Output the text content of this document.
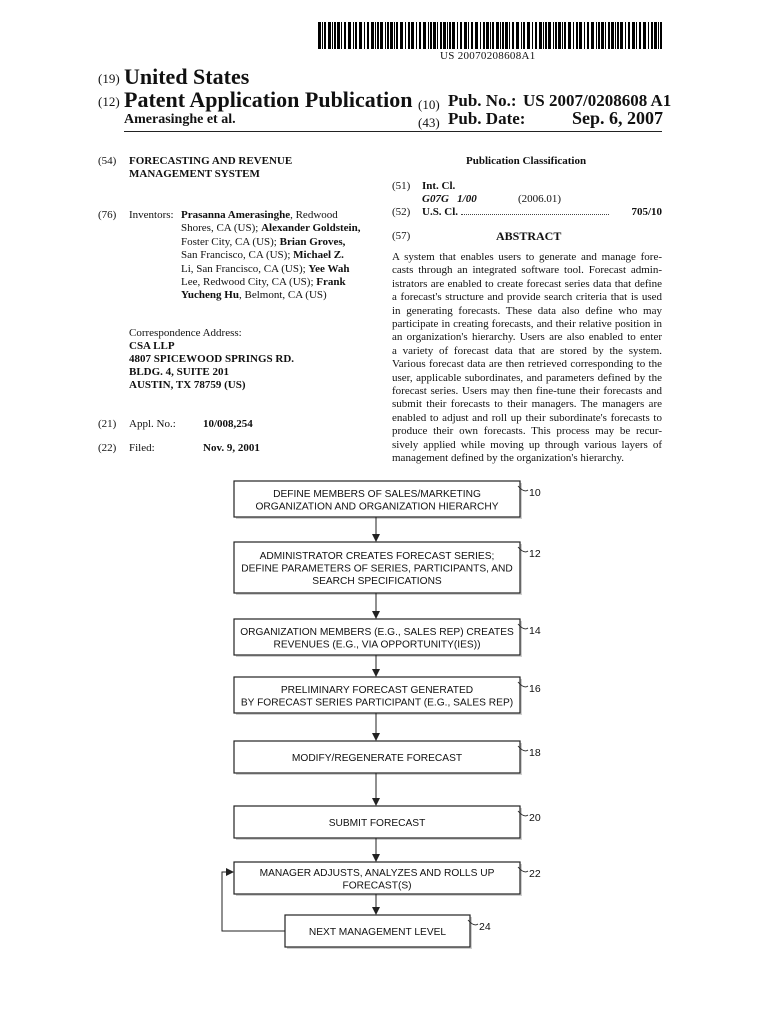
US 20070208608A1
(19) United States
(12) Patent Application Publication
Amerasinghe et al.
(10) Pub. No.: US 2007/0208608 A1
(43) Pub. Date:	Sep. 6, 2007
(54) FORECASTING AND REVENUE
MANAGEMENT SYSTEM
(76) Inventors: Prasanna Amerasinghe, Redwood
Shores, CA (US); Alexander Goldstein,
Foster City, CA (US); Brian Groves,
San Francisco, CA (US); Michael Z.
Li, San Francisco, CA (US); Yee Wah
Lee, Redwood City, CA (US); Frank
Yucheng Hu, Belmont, CA (US)
Correspondence Address:
CSA LLP
4807 SPICEWOOD SPRINGS RD.
BLDG. 4, SUITE 201
AUSTIN, TX 78759 (US)
(21) Appl. No.: 10/008,254
(22) Filed:	Nov. 9, 2001
Publication Classification
(51) Int. Cl.
G07G   1/00	(2006.01)
(52) U.S. Cl.	705/10
(57)	ABSTRACT
A system that enables users to generate and manage fore-
casts through an integrated software tool. Forecast admin-
istrators are enabled to create forecast series data that define
a forecast's structure and provide search criteria that is used
in generating forecasts. These data also define who may
participate in creating forecasts, and their relative position in
an organization's hierarchy. Users are also enabled to enter
a variety of forecast data that are stored by the system.
Various forecast data are then retrieved corresponding to the
user, applicable subordinates, and parameters defined by the
forecast series. Users may then fine-tune their forecasts and
submit their forecasts to their managers. The managers are
enabled to adjust and roll up their subordinate's forecasts to
produce their own forecasts. This process may be recur-
sively applied while moving up through various layers of
management defined by the organization's hierarchy.
DEFINE MEMBERS OF SALES/MARKETING
ORGANIZATION AND ORGANIZATION HIERARCHY
10
ADMINISTRATOR CREATES FORECAST SERIES;
DEFINE PARAMETERS OF SERIES, PARTICIPANTS, AND
SEARCH SPECIFICATIONS
12
ORGANIZATION MEMBERS (E.G., SALES REP) CREATES
REVENUES (E.G., VIA OPPORTUNITY(IES))
14
PRELIMINARY FORECAST GENERATED
BY FORECAST SERIES PARTICIPANT (E.G., SALES REP)
16
MODIFY/REGENERATE FORECAST	18
SUBMIT FORECAST	20
MANAGER ADJUSTS, ANALYZES AND ROLLS UP
FORECAST(S)
22
NEXT MANAGEMENT LEVEL	24
